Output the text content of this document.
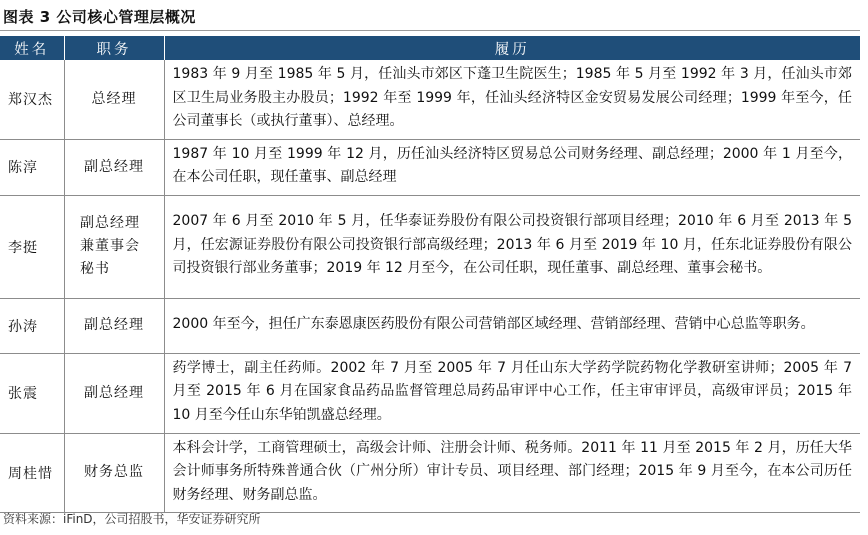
图表 3 公司核心管理层概况
姓名	职务	履历
郑汉杰	总经理	1983 年 9 月至 1985 年 5 月，任汕头市郊区下蓬卫生院医生；1985 年 5 月至 1992 年 3 月，任汕头市郊区卫生局业务股主办股员；1992 年至 1999 年，任汕头经济特区金安贸易发展公司经理；1999 年至今，任公司董事长（或执行董事）、总经理。
陈淳	副总经理	1987 年 10 月至 1999 年 12 月，历任汕头经济特区贸易总公司财务经理、副总经理；2000 年 1 月至今，在本公司任职，现任董事、副总经理
李挺	副总经理兼董事会秘书	2007 年 6 月至 2010 年 5 月，任华泰证券股份有限公司投资银行部项目经理；2010 年 6 月至 2013 年 5 月，任宏源证券股份有限公司投资银行部高级经理；2013 年 6 月至 2019 年 10 月，任东北证券股份有限公司投资银行部业务董事；2019 年 12 月至今，在公司任职，现任董事、副总经理、董事会秘书。
孙涛	副总经理	2000 年至今，担任广东泰恩康医药股份有限公司营销部区域经理、营销部经理、营销中心总监等职务。
张震	副总经理	药学博士，副主任药师。2002 年 7 月至 2005 年 7 月任山东大学药学院药物化学教研室讲师；2005 年 7 月至 2015 年 6 月在国家食品药品监督管理总局药品审评中心工作，任主审审评员，高级审评员；2015 年 10 月至今任山东华铂凯盛总经理。
周桂惜	财务总监	本科会计学，工商管理硕士，高级会计师、注册会计师、税务师。2011 年 11 月至 2015 年 2 月，历任大华会计师事务所特殊普通合伙（广州分所）审计专员、项目经理、部门经理；2015 年 9 月至今，在本公司历任财务经理、财务副总监。
资料来源：iFinD，公司招股书，华安证券研究所
